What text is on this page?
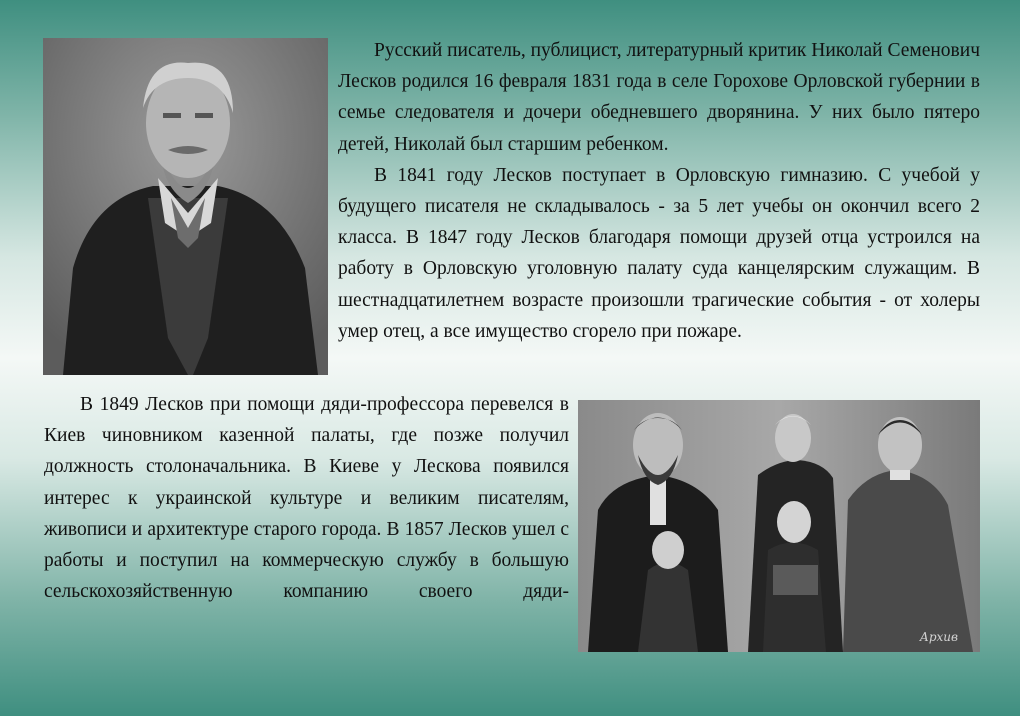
Русский писатель, публицист, литературный критик Николай Семенович Лесков родился 16 февраля 1831 года в селе Горохове Орловской губернии в семье следователя и дочери обедневшего дворянина. У них было пятеро детей, Николай был старшим ребенком.

В 1841 году Лесков поступает в Орловскую гимназию. С учебой у будущего писателя не складывалось - за 5 лет учебы он окончил всего 2 класса. В 1847 году Лесков благодаря помощи друзей отца устроился на работу в Орловскую уголовную палату суда канцелярским служащим. В шестнадцатилетнем возрасте произошли трагические события - от холеры умер отец, а все имущество сгорело при пожаре.

В 1849 Лесков при помощи дяди-профессора перевелся в Киев чиновником казенной палаты, где позже получил должность столоначальника. В Киеве у Лескова появился интерес к украинской культуре и великим писателям, живописи и архитектуре старого города. В 1857 Лесков ушел с работы и поступил на коммерческую службу в большую сельскохозяйственную компанию своего дяди-

Архив
